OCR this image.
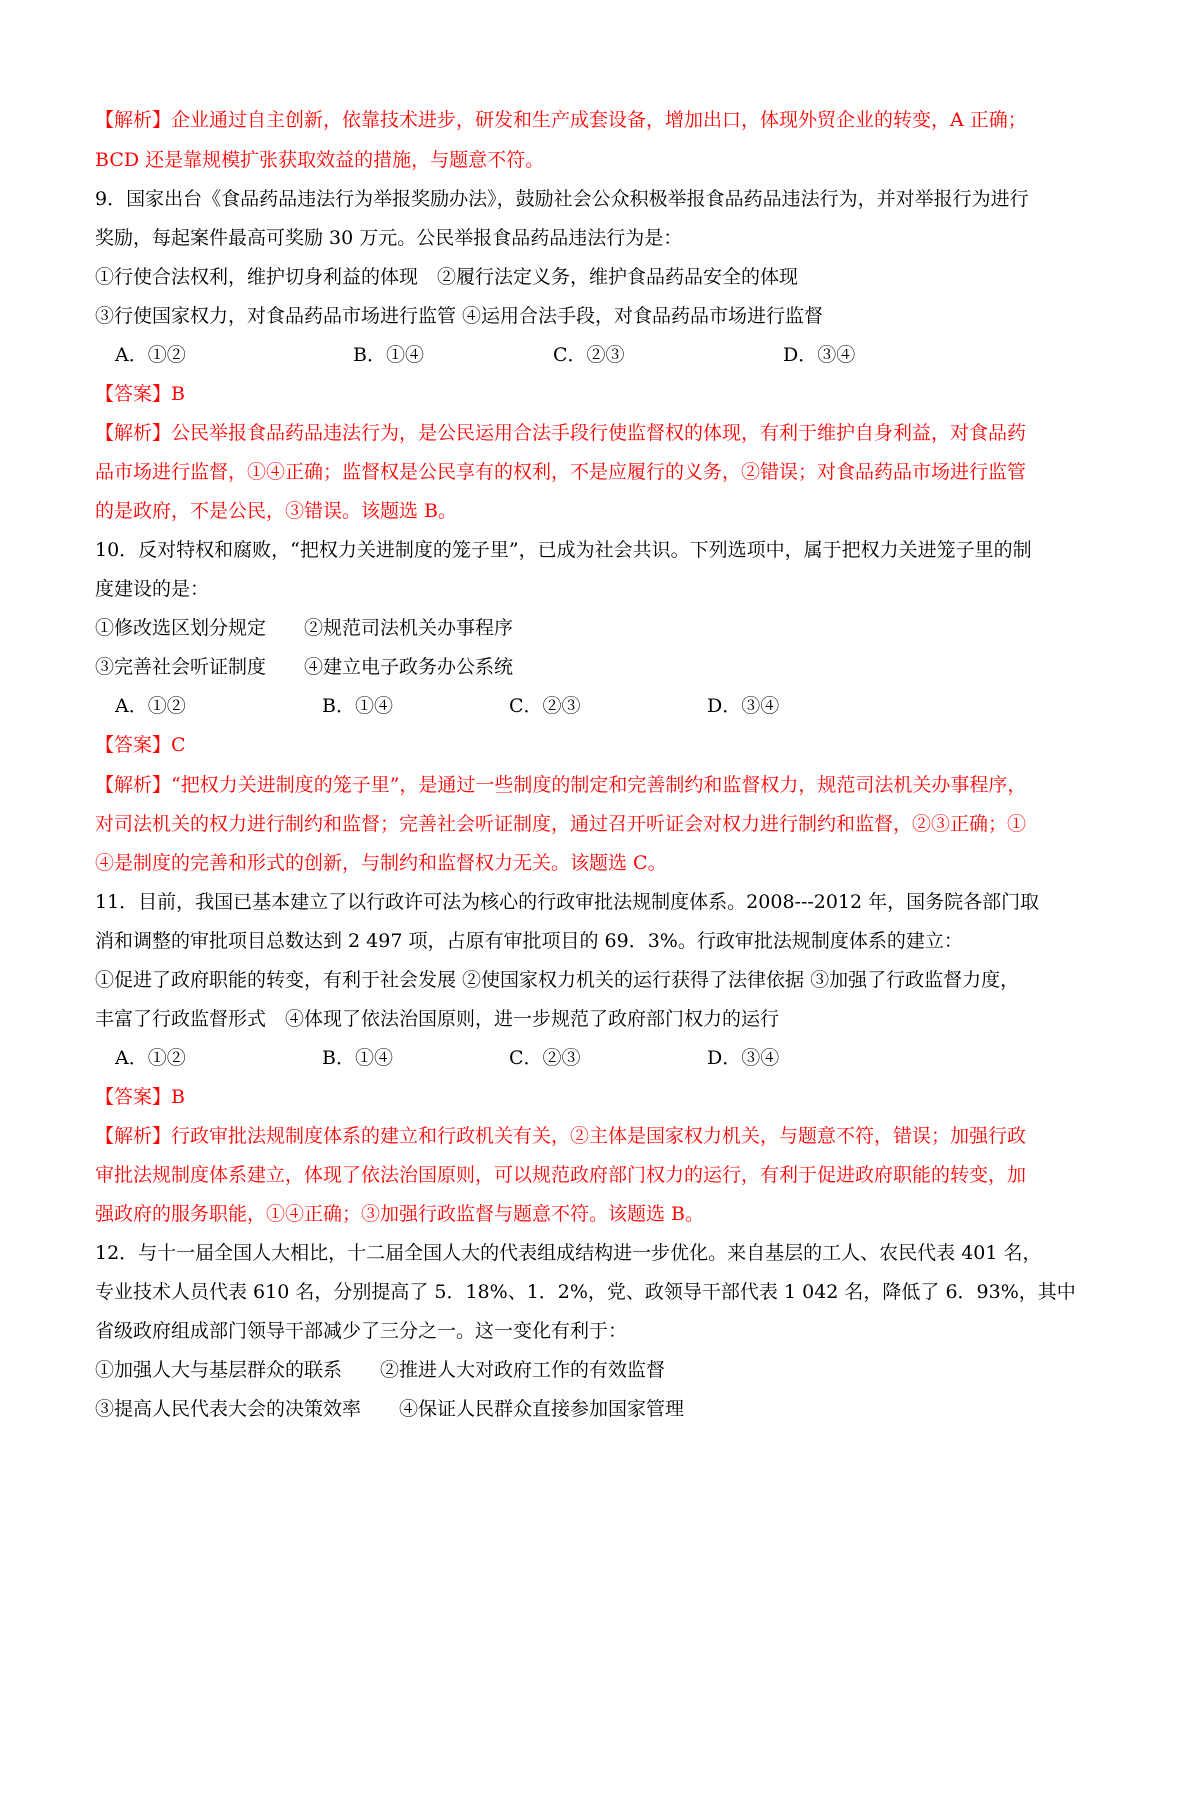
【解析】企业通过自主创新，依靠技术进步，研发和生产成套设备，增加出口，体现外贸企业的转变，A 正确；
BCD 还是靠规模扩张获取效益的措施，与题意不符。
9．国家出台《食品药品违法行为举报奖励办法》，鼓励社会公众积极举报食品药品违法行为，并对举报行为进行
奖励，每起案件最高可奖励 30 万元。公民举报食品药品违法行为是：
①行使合法权利，维护切身利益的体现　②履行法定义务，维护食品药品安全的体现
③行使国家权力，对食品药品市场进行监管 ④运用合法手段，对食品药品市场进行监督
A．①②	B．①④	C．②③	D．③④
【答案】B
【解析】公民举报食品药品违法行为，是公民运用合法手段行使监督权的体现，有利于维护自身利益，对食品药
品市场进行监督，①④正确；监督权是公民享有的权利，不是应履行的义务，②错误；对食品药品市场进行监管
的是政府，不是公民，③错误。该题选 B。
10．反对特权和腐败，“把权力关进制度的笼子里”，已成为社会共识。下列选项中，属于把权力关进笼子里的制
度建设的是：
①修改选区划分规定　　②规范司法机关办事程序
③完善社会听证制度　　④建立电子政务办公系统
A．①②	B．①④	C．②③	D．③④
【答案】C
【解析】“把权力关进制度的笼子里”，是通过一些制度的制定和完善制约和监督权力，规范司法机关办事程序，
对司法机关的权力进行制约和监督；完善社会听证制度，通过召开听证会对权力进行制约和监督，②③正确；①
④是制度的完善和形式的创新，与制约和监督权力无关。该题选 C。
11．目前，我国已基本建立了以行政许可法为核心的行政审批法规制度体系。2008---2012 年，国务院各部门取
消和调整的审批项目总数达到 2 497 项，占原有审批项目的 69．3%。行政审批法规制度体系的建立：
①促进了政府职能的转变，有利于社会发展 ②使国家权力机关的运行获得了法律依据 ③加强了行政监督力度，
丰富了行政监督形式　④体现了依法治国原则，进一步规范了政府部门权力的运行
A．①②	B．①④	C．②③	D．③④
【答案】B
【解析】行政审批法规制度体系的建立和行政机关有关，②主体是国家权力机关，与题意不符，错误；加强行政
审批法规制度体系建立，体现了依法治国原则，可以规范政府部门权力的运行，有利于促进政府职能的转变，加
强政府的服务职能，①④正确；③加强行政监督与题意不符。该题选 B。
12．与十一届全国人大相比，十二届全国人大的代表组成结构进一步优化。来自基层的工人、农民代表 401 名，
专业技术人员代表 610 名，分别提高了 5．18%、1．2%，党、政领导干部代表 1 042 名，降低了 6．93%，其中
省级政府组成部门领导干部减少了三分之一。这一变化有利于：
①加强人大与基层群众的联系　　②推进人大对政府工作的有效监督
③提高人民代表大会的决策效率　　④保证人民群众直接参加国家管理
